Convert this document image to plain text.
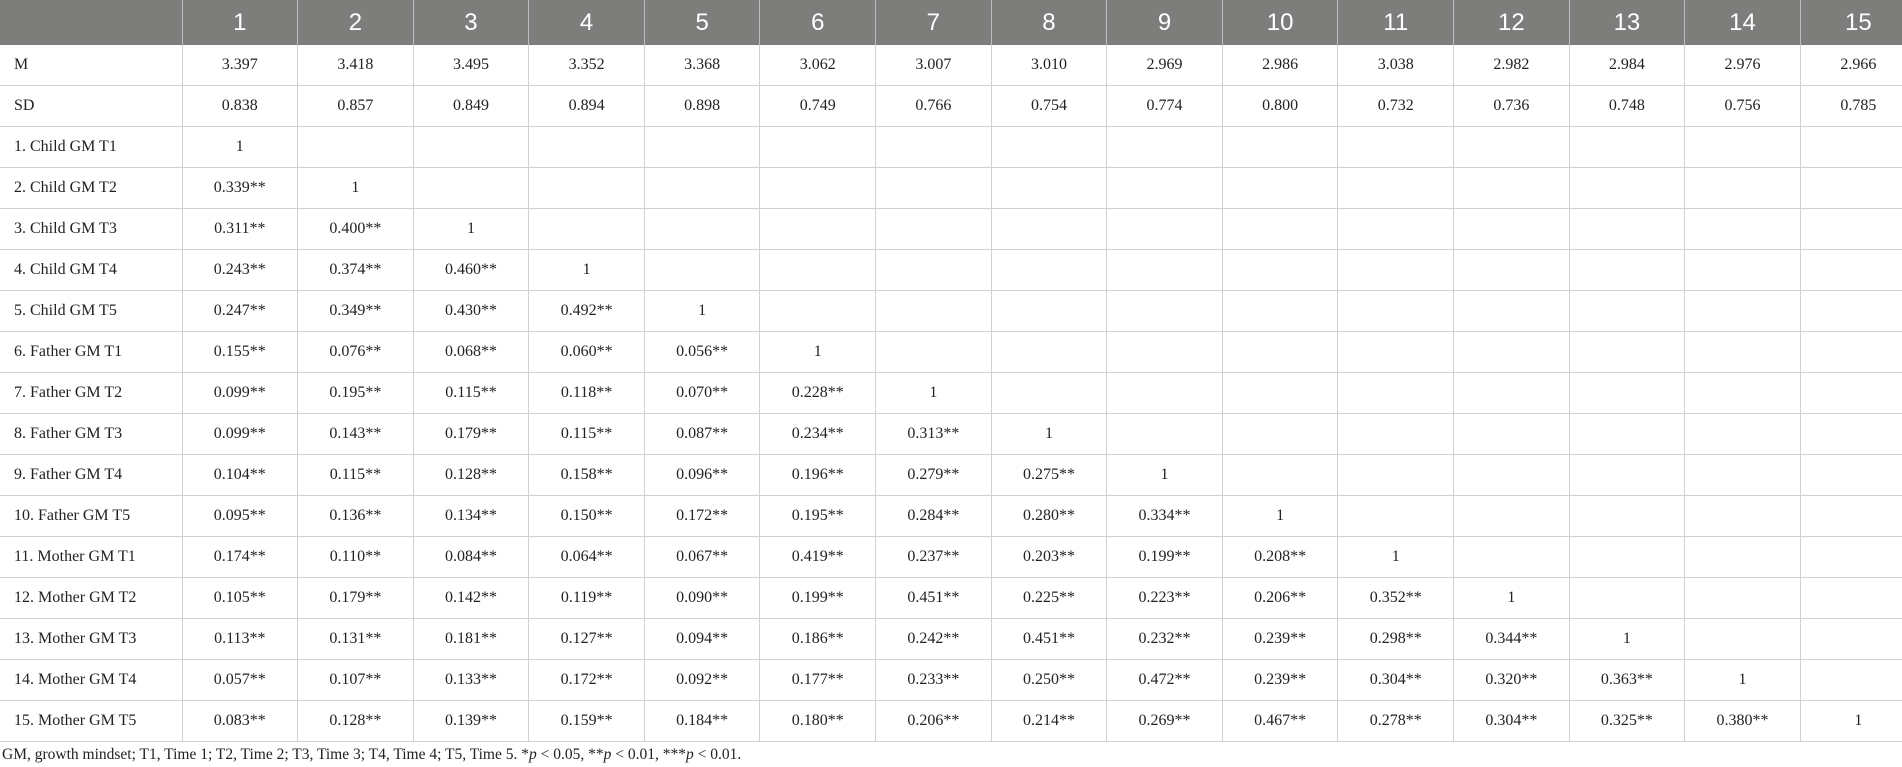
	1	2	3	4	5	6	7	8	9	10	11	12	13	14	15
M	3.397	3.418	3.495	3.352	3.368	3.062	3.007	3.010	2.969	2.986	3.038	2.982	2.984	2.976	2.966
SD	0.838	0.857	0.849	0.894	0.898	0.749	0.766	0.754	0.774	0.800	0.732	0.736	0.748	0.756	0.785
1. Child GM T1	1														
2. Child GM T2	0.339**	1													
3. Child GM T3	0.311**	0.400**	1												
4. Child GM T4	0.243**	0.374**	0.460**	1											
5. Child GM T5	0.247**	0.349**	0.430**	0.492**	1										
6. Father GM T1	0.155**	0.076**	0.068**	0.060**	0.056**	1									
7. Father GM T2	0.099**	0.195**	0.115**	0.118**	0.070**	0.228**	1								
8. Father GM T3	0.099**	0.143**	0.179**	0.115**	0.087**	0.234**	0.313**	1							
9. Father GM T4	0.104**	0.115**	0.128**	0.158**	0.096**	0.196**	0.279**	0.275**	1						
10. Father GM T5	0.095**	0.136**	0.134**	0.150**	0.172**	0.195**	0.284**	0.280**	0.334**	1					
11. Mother GM T1	0.174**	0.110**	0.084**	0.064**	0.067**	0.419**	0.237**	0.203**	0.199**	0.208**	1				
12. Mother GM T2	0.105**	0.179**	0.142**	0.119**	0.090**	0.199**	0.451**	0.225**	0.223**	0.206**	0.352**	1			
13. Mother GM T3	0.113**	0.131**	0.181**	0.127**	0.094**	0.186**	0.242**	0.451**	0.232**	0.239**	0.298**	0.344**	1		
14. Mother GM T4	0.057**	0.107**	0.133**	0.172**	0.092**	0.177**	0.233**	0.250**	0.472**	0.239**	0.304**	0.320**	0.363**	1	
15. Mother GM T5	0.083**	0.128**	0.139**	0.159**	0.184**	0.180**	0.206**	0.214**	0.269**	0.467**	0.278**	0.304**	0.325**	0.380**	1
GM, growth mindset; T1, Time 1; T2, Time 2; T3, Time 3; T4, Time 4; T5, Time 5. *p < 0.05, **p < 0.01, ***p < 0.01.
